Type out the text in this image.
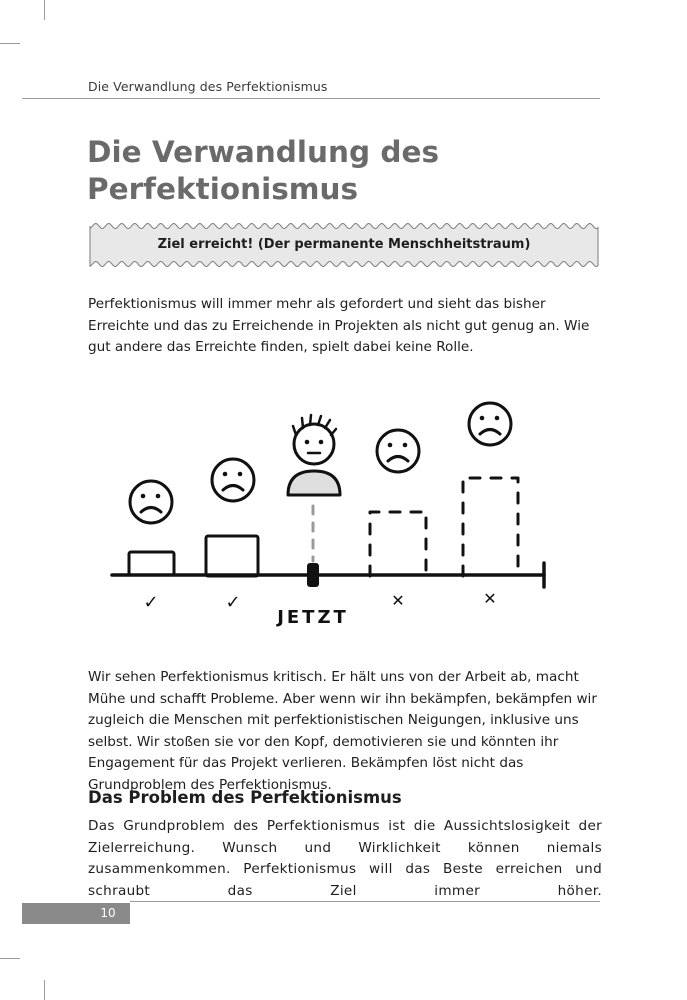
Die Verwandlung des Perfektionismus
Die Verwandlung des Perfektionismus
Ziel erreicht! (Der permanente Menschheitstraum)

Perfektionismus will immer mehr als gefordert und sieht das bisher Erreichte und das zu Erreichende in Projekten als nicht gut genug an. Wie gut andere das Erreichte finden, spielt dabei keine Rolle.

✓	✓	✕	✕
JETZT

Wir sehen Perfektionismus kritisch. Er hält uns von der Arbeit ab, macht Mühe und schafft Probleme. Aber wenn wir ihn bekämpfen, bekämpfen wir zugleich die Menschen mit perfektionistischen Neigungen, inklusive uns selbst. Wir stoßen sie vor den Kopf, demotivieren sie und könnten ihr Engagement für das Projekt verlieren. Bekämpfen löst nicht das Grundproblem des Perfektionismus.

Das Problem des Perfektionismus

Das Grundproblem des Perfektionismus ist die Aussichtslosigkeit der Zielerreichung. Wunsch und Wirklichkeit können niemals zusammenkommen. Perfektionismus will das Beste erreichen und schraubt das Ziel immer höher.

10
